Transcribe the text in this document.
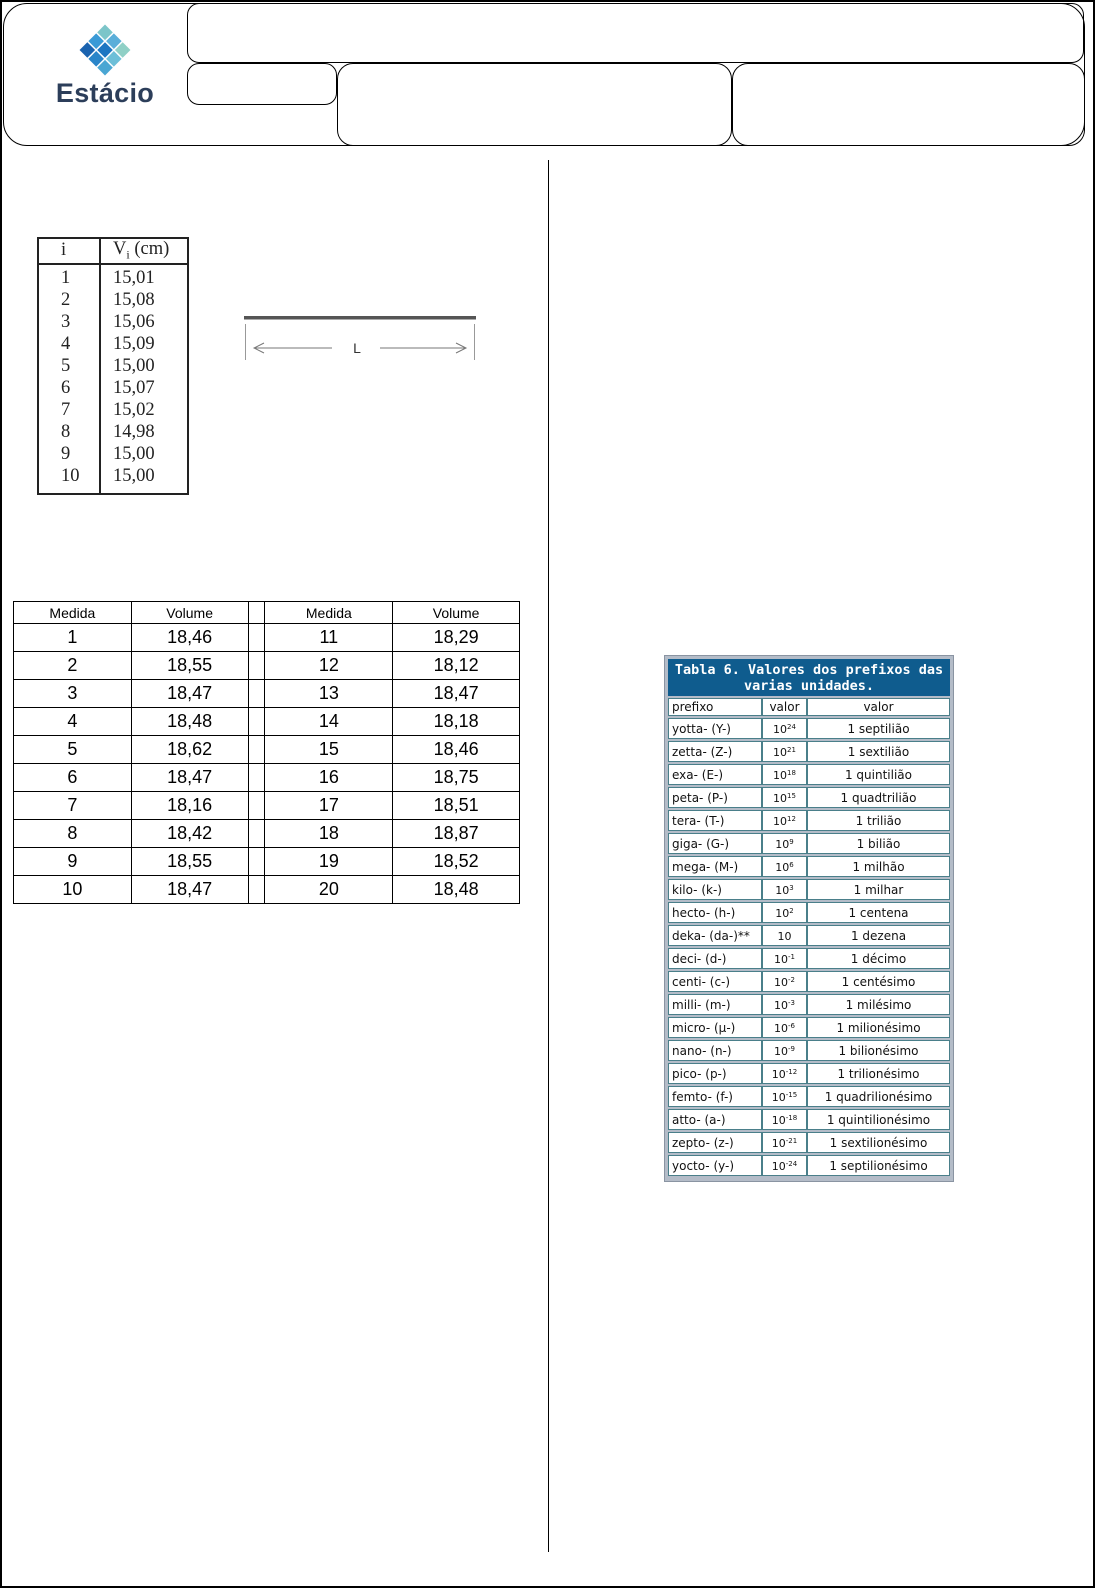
Estácio
i	$V_i$ (cm)
1	15,01
2	15,08
3	15,06
4	15,09
5	15,00
6	15,07
7	15,02
8	14,98
9	15,00
10	15,00
L
Medida	Volume		Medida	Volume
1	18,46		11	18,29
2	18,55		12	18,12
3	18,47		13	18,47
4	18,48		14	18,18
5	18,62		15	18,46
6	18,47		16	18,75
7	18,16		17	18,51
8	18,42		18	18,87
9	18,55		19	18,52
10	18,47		20	18,48
Tabla 6. Valores dos prefixos das
varias unidades.
prefixo	valor	valor
yotta- (Y-)	$10^{24}$	1 septilião
zetta- (Z-)	$10^{21}$	1 sextilião
exa- (E-)	$10^{18}$	1 quintilião
peta- (P-)	$10^{15}$	1 quadtrilião
tera- (T-)	$10^{12}$	1 trilião
giga- (G-)	$10^9$	1 bilião
mega- (M-)	$10^6$	1 milhão
kilo- (k-)	$10^3$	1 milhar
hecto- (h-)	$10^2$	1 centena
deka- (da-)**	10	1 dezena
deci- (d-)	$10^{-1}$	1 décimo
centi- (c-)	$10^{-2}$	1 centésimo
milli- (m-)	$10^{-3}$	1 milésimo
micro- (µ-)	$10^{-6}$	1 milionésimo
nano- (n-)	$10^{-9}$	1 bilionésimo
pico- (p-)	$10^{-12}$	1 trilionésimo
femto- (f-)	$10^{-15}$	1 quadrilionésimo
atto- (a-)	$10^{-18}$	1 quintilionésimo
zepto- (z-)	$10^{-21}$	1 sextilionésimo
yocto- (y-)	$10^{-24}$	1 septilionésimo
